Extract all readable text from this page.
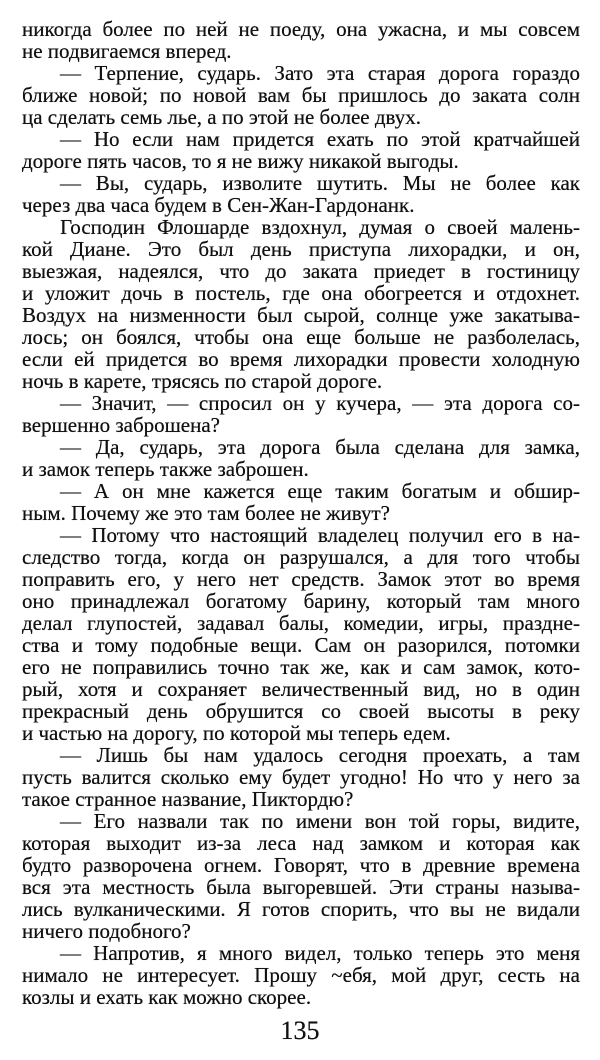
никогда более по ней не поеду, она ужасна, и мы совсем
не подвигаемся вперед.
— Терпение, сударь. Зато эта старая дорога гораздо
ближе новой; по новой вам бы пришлось до заката солн
ца сделать семь лье, а по этой не более двух.
— Но если нам придется ехать по этой кратчайшей
дороге пять часов, то я не вижу никакой выгоды.
— Вы, сударь, изволите шутить. Мы не более как
через два часа будем в Сен-Жан-Гардонанк.
Господин Флошарде вздохнул, думая о своей малень-
кой Диане. Это был день приступа лихорадки, и он,
выезжая, надеялся, что до заката приедет в гостиницу
и уложит дочь в постель, где она обогреется и отдохнет.
Воздух на низменности был сырой, солнце уже закатыва-
лось; он боялся, чтобы она еще больше не разболелась,
если ей придется во время лихорадки провести холодную
ночь в карете, трясясь по старой дороге.
— Значит, — спросил он у кучера, — эта дорога со-
вершенно заброшена?
— Да, сударь, эта дорога была сделана для замка,
и замок теперь также заброшен.
— А он мне кажется еще таким богатым и обшир-
ным. Почему же это там более не живут?
— Потому что настоящий владелец получил его в на-
следство тогда, когда он разрушался, а для того чтобы
поправить его, у него нет средств. Замок этот во время
оно принадлежал богатому барину, который там много
делал глупостей, задавал балы, комедии, игры, праздне-
ства и тому подобные вещи. Сам он разорился, потомки
его не поправились точно так же, как и сам замок, кото-
рый, хотя и сохраняет величественный вид, но в один
прекрасный день обрушится со своей высоты в реку
и частью на дорогу, по которой мы теперь едем.
— Лишь бы нам удалось сегодня проехать, а там
пусть валится сколько ему будет угодно! Но что у него за
такое странное название, Пиктордю?
— Его назвали так по имени вон той горы, видите,
которая выходит из-за леса над замком и которая как
будто разворочена огнем. Говорят, что в древние времена
вся эта местность была выгоревшей. Эти страны называ-
лись вулканическими. Я готов спорить, что вы не видали
ничего подобного?
— Напротив, я много видел, только теперь это меня
нимало не интересует. Прошу ~ебя, мой друг, сесть на
козлы и ехать как можно скорее.
135
